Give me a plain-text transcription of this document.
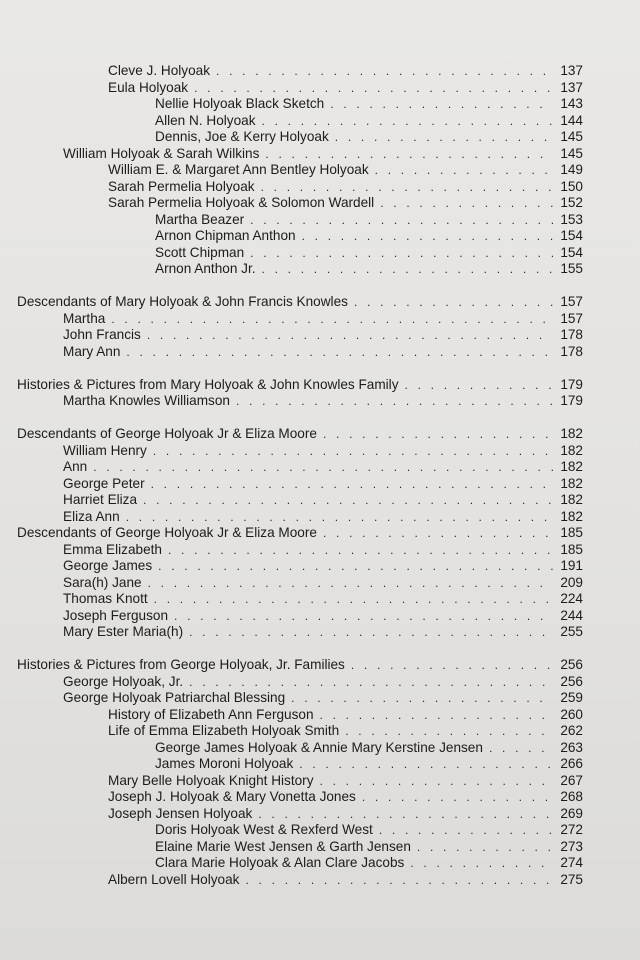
Cleve J. Holyoak . . .	137
Eula Holyoak . . .	137
Nellie Holyoak Black Sketch . . .	143
Allen N. Holyoak . . .	144
Dennis, Joe & Kerry Holyoak . . .	145
William Holyoak & Sarah Wilkins . . .	145
William E. & Margaret Ann Bentley Holyoak . . .	149
Sarah Permelia Holyoak . . .	150
Sarah Permelia Holyoak & Solomon Wardell . . .	152
Martha Beazer . . .	153
Arnon Chipman Anthon . . .	154
Scott Chipman . . .	154
Arnon Anthon Jr. . . .	155
Descendants of Mary Holyoak & John Francis Knowles . . .	157
Martha . . .	157
John Francis . . .	178
Mary Ann . . .	178
Histories & Pictures from Mary Holyoak & John Knowles Family . . .	179
Martha Knowles Williamson . . .	179
Descendants of George Holyoak Jr & Eliza Moore . . .	182
William Henry . . .	182
Ann . . .	182
George Peter . . .	182
Harriet Eliza . . .	182
Eliza Ann . . .	182
Descendants of George Holyoak Jr & Eliza Moore . . .	185
Emma Elizabeth . . .	185
George James . . .	191
Sara(h) Jane . . .	209
Thomas Knott . . .	224
Joseph Ferguson . . .	244
Mary Ester Maria(h) . . .	255
Histories & Pictures from George Holyoak, Jr. Families . . .	256
George Holyoak, Jr. . . .	256
George Holyoak Patriarchal Blessing . . .	259
History of Elizabeth Ann Ferguson . . .	260
Life of Emma Elizabeth Holyoak Smith . . .	262
George James Holyoak & Annie Mary Kerstine Jensen . . .	263
James Moroni Holyoak . . .	266
Mary Belle Holyoak Knight History . . .	267
Joseph J. Holyoak & Mary Vonetta Jones . . .	268
Joseph Jensen Holyoak . . .	269
Doris Holyoak West & Rexferd West . . .	272
Elaine Marie West Jensen & Garth Jensen . . .	273
Clara Marie Holyoak & Alan Clare Jacobs . . .	274
Albern Lovell Holyoak . . .	275
